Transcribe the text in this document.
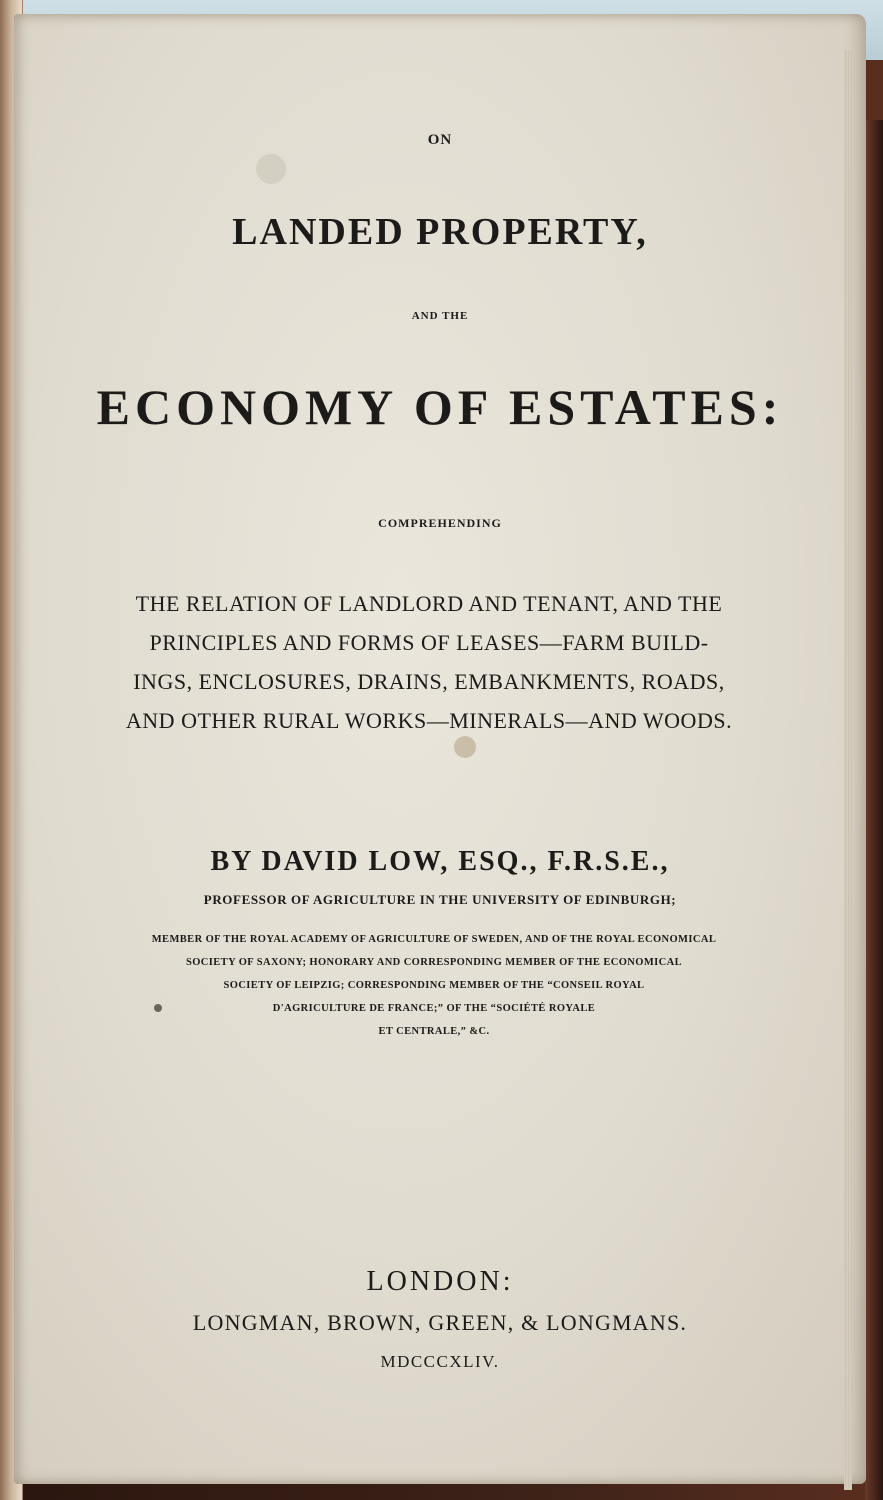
ON
LANDED PROPERTY,
AND THE
ECONOMY OF ESTATES:
COMPREHENDING
THE RELATION OF LANDLORD AND TENANT, AND THE
PRINCIPLES AND FORMS OF LEASES—FARM BUILD-
INGS, ENCLOSURES, DRAINS, EMBANKMENTS, ROADS,
AND OTHER RURAL WORKS—MINERALS—AND WOODS.
BY DAVID LOW, ESQ., F.R.S.E.,
PROFESSOR OF AGRICULTURE IN THE UNIVERSITY OF EDINBURGH;
MEMBER OF THE ROYAL ACADEMY OF AGRICULTURE OF SWEDEN, AND OF THE ROYAL ECONOMICAL
SOCIETY OF SAXONY; HONORARY AND CORRESPONDING MEMBER OF THE ECONOMICAL
SOCIETY OF LEIPZIG; CORRESPONDING MEMBER OF THE “CONSEIL ROYAL
D'AGRICULTURE DE FRANCE;” OF THE “SOCIÉTÉ ROYALE
ET CENTRALE,” &C.
LONDON:
LONGMAN, BROWN, GREEN, & LONGMANS.
MDCCCXLIV.
